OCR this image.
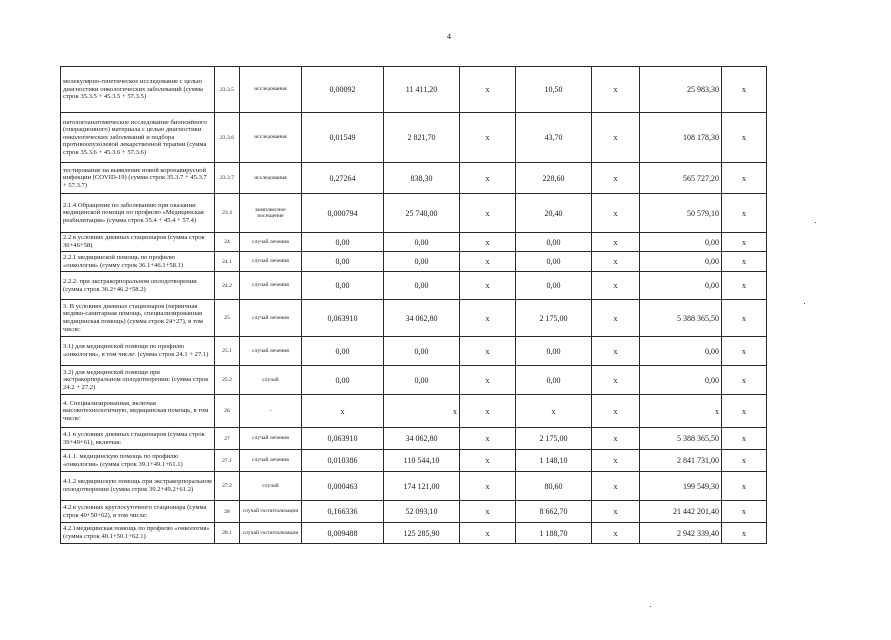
4
молекулярно-генетическое исследование с целью диагностики онкологических заболеваний (сумма строк 35.3.5 + 45.3.5 + 57.3.5)	23.3.5	исследования	0,00092	11 411,20	x	10,50	x	25 983,30	x
патологоанатомическое исследование биопсийного (операционного) материала с целью диагностики онкологических заболеваний и подбора противоопухолевой лекарственной терапии (сумма строк 35.3.6 + 45.3.6 + 57.3.6)	23.3.6	исследования	0,01549	2 821,70	x	43,70	x	108 178,30	x
тестирование на выявление новой коронавирусной инфекции (COVID-19) (сумма строк 35.3.7 + 45.3.7 + 57.3.7)	23.3.7	исследования	0,27264	838,30	x	228,60	x	565 727,20	x
2.1.4 Обращение по заболеванию при оказании медицинской помощи по профилю «Медицинская реабилитация» (сумма строк 35.4 + 45.4 + 57.4)	23.4	комплексное посещение	0,000794	25 740,00	x	20,40	x	50 579,10	x
2.2 в условиях дневных стационаров (сумма строк 36+46+58)	24	случай лечения	0,00	0,00	x	0,00	x	0,00	x
2.2.1 медицинской помощь по профилю «онкология» (сумму строк 36.1+46.1+58.1)	24.1	случай лечения	0,00	0,00	x	0,00	x	0,00	x
2.2.2. при экстракорпоральном оплодотворении (сумма строк 36.2+46.2+58.2)	24.2	случай лечения	0,00	0,00	x	0,00	x	0,00	x
3. В условиях дневных стационаров (первичная медико-санитарная помощь, специализированная медицинская помощь) (сумма строк 24+27), в том числе:	25	случай лечения	0,063910	34 062,80	x	2 175,00	x	5 388 365,50	x
3.1) для медицинской помощи по профилю «онкология», в том числе: (сумма строк 24.1 + 27.1)	25.1	случай лечения	0,00	0,00	x	0,00	x	0,00	x
3.2) для медицинской помощи при экстракорпоральном оплодотворении: (сумма строк 24.2 + 27.2)	25.2	случай	0,00	0,00	x	0,00	x	0,00	x
4. Специализированная, включая высокотехнологичную, медицинская помощь, в том числе:	26	-	x	x	x	x	x	x	x
4.1 в условиях дневных стационаров (сумма строк 39+49+61), включая:	27	случай лечения	0,063910	34 062,80	x	2 175,00	x	5 388 365,50	x
4.1.1. медицинскую помощь по профилю «онкология» (сумма строк 39.1+49.1+61.1)	27.1	случай лечения	0,010386	110 544,10	x	1 148,10	x	2 841 731,00	x
4.1.2 медицинскую помощь при экстракорпоральном оплодотворении (сумма строк 39.2+49.2+61.2)	27.2	случай	0,000463	174 121,00	x	80,60	x	199 549,30	x
4.2 в условиях круглосуточного стационара (сумма строк 40+50+62), в том числе:	28	случай госпитализации	0,166336	52 093,10	x	8 662,70	x	21 442 201,40	x
4.2.1медицинская помощь по профилю «онкология» (сумма строк 40.1+50.1+62.1)	28.1	случай госпитализации	0,009488	125 285,90	x	1 188,70	x	2 942 339,40	x
